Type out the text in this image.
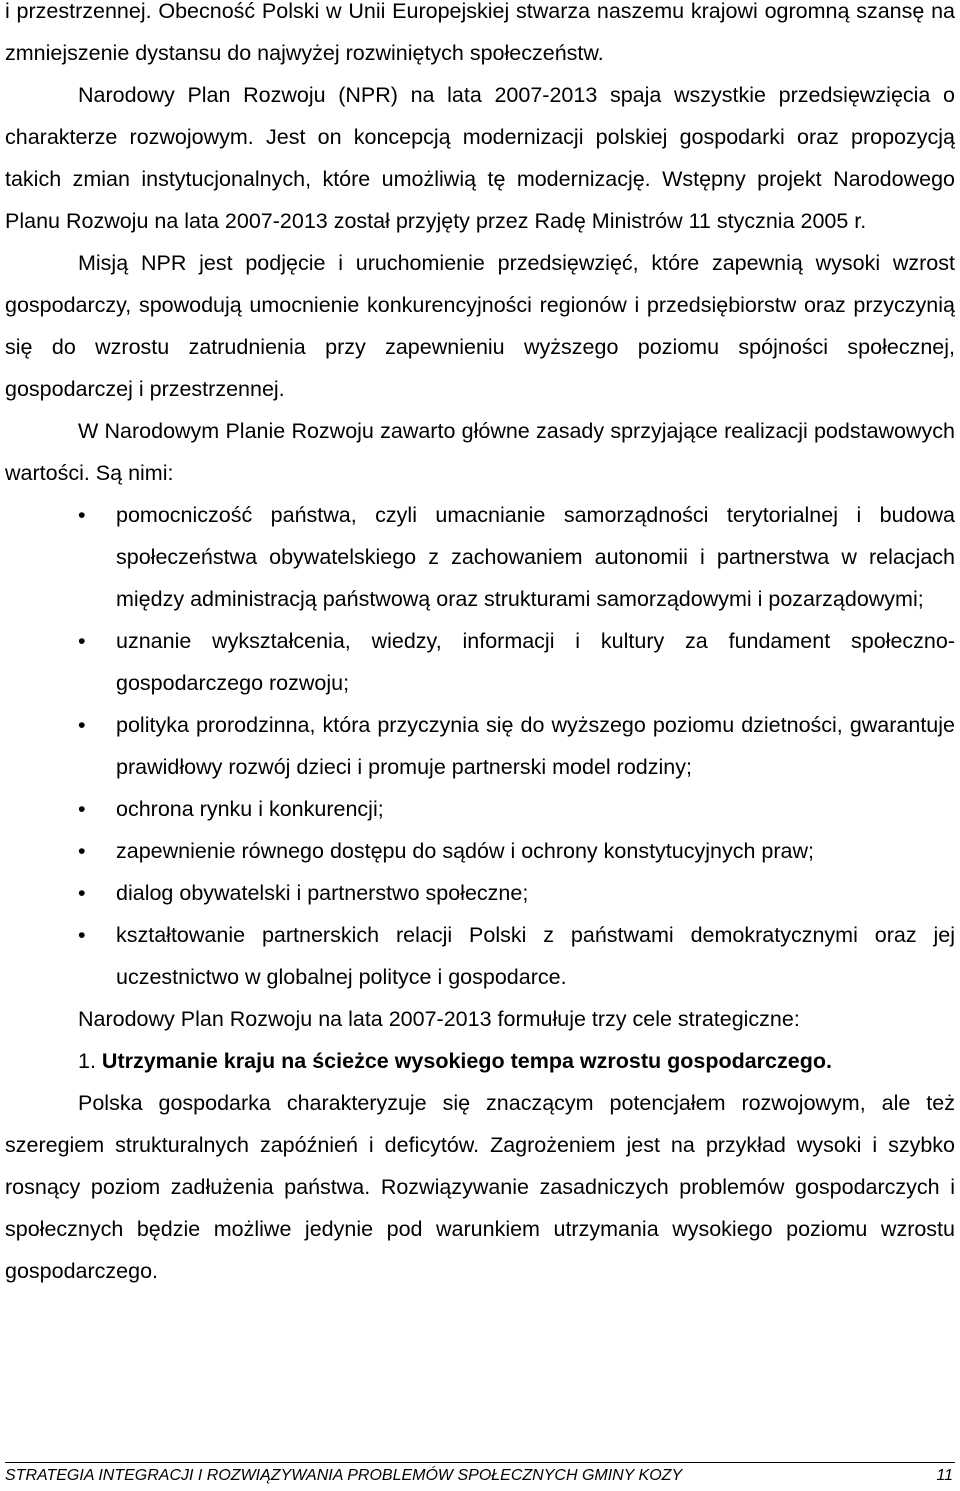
i przestrzennej. Obecność Polski w Unii Europejskiej stwarza naszemu krajowi ogromną szansę na zmniejszenie dystansu do najwyżej rozwiniętych społeczeństw.

Narodowy Plan Rozwoju (NPR) na lata 2007-2013 spaja wszystkie przedsięwzięcia o charakterze rozwojowym. Jest on koncepcją modernizacji polskiej gospodarki oraz propozycją takich zmian instytucjonalnych, które umożliwią tę modernizację. Wstępny projekt Narodowego Planu Rozwoju na lata 2007-2013 został przyjęty przez Radę Ministrów 11 stycznia 2005 r.

Misją NPR jest podjęcie i uruchomienie przedsięwzięć, które zapewnią wysoki wzrost gospodarczy, spowodują umocnienie konkurencyjności regionów i przedsiębiorstw oraz przyczynią się do wzrostu zatrudnienia przy zapewnieniu wyższego poziomu spójności społecznej, gospodarczej i przestrzennej.

W Narodowym Planie Rozwoju zawarto główne zasady sprzyjające realizacji podstawowych wartości. Są nimi:

• pomocniczość państwa, czyli umacnianie samorządności terytorialnej i budowa społeczeństwa obywatelskiego z zachowaniem autonomii i partnerstwa w relacjach między administracją państwową oraz strukturami samorządowymi i pozarządowymi;
• uznanie wykształcenia, wiedzy, informacji i kultury za fundament społeczno-gospodarczego rozwoju;
• polityka prorodzinna, która przyczynia się do wyższego poziomu dzietności, gwarantuje prawidłowy rozwój dzieci i promuje partnerski model rodziny;
• ochrona rynku i konkurencji;
• zapewnienie równego dostępu do sądów i ochrony konstytucyjnych praw;
• dialog obywatelski i partnerstwo społeczne;
• kształtowanie partnerskich relacji Polski z państwami demokratycznymi oraz jej uczestnictwo w globalnej polityce i gospodarce.

Narodowy Plan Rozwoju na lata 2007-2013 formułuje trzy cele strategiczne:

1. Utrzymanie kraju na ścieżce wysokiego tempa wzrostu gospodarczego.

Polska gospodarka charakteryzuje się znaczącym potencjałem rozwojowym, ale też szeregiem strukturalnych zapóźnień i deficytów. Zagrożeniem jest na przykład wysoki i szybko rosnący poziom zadłużenia państwa. Rozwiązywanie zasadniczych problemów gospodarczych i społecznych będzie możliwe jedynie pod warunkiem utrzymania wysokiego poziomu wzrostu gospodarczego.

STRATEGIA INTEGRACJI I ROZWIĄZYWANIA PROBLEMÓW SPOŁECZNYCH GMINY KOZY	11
